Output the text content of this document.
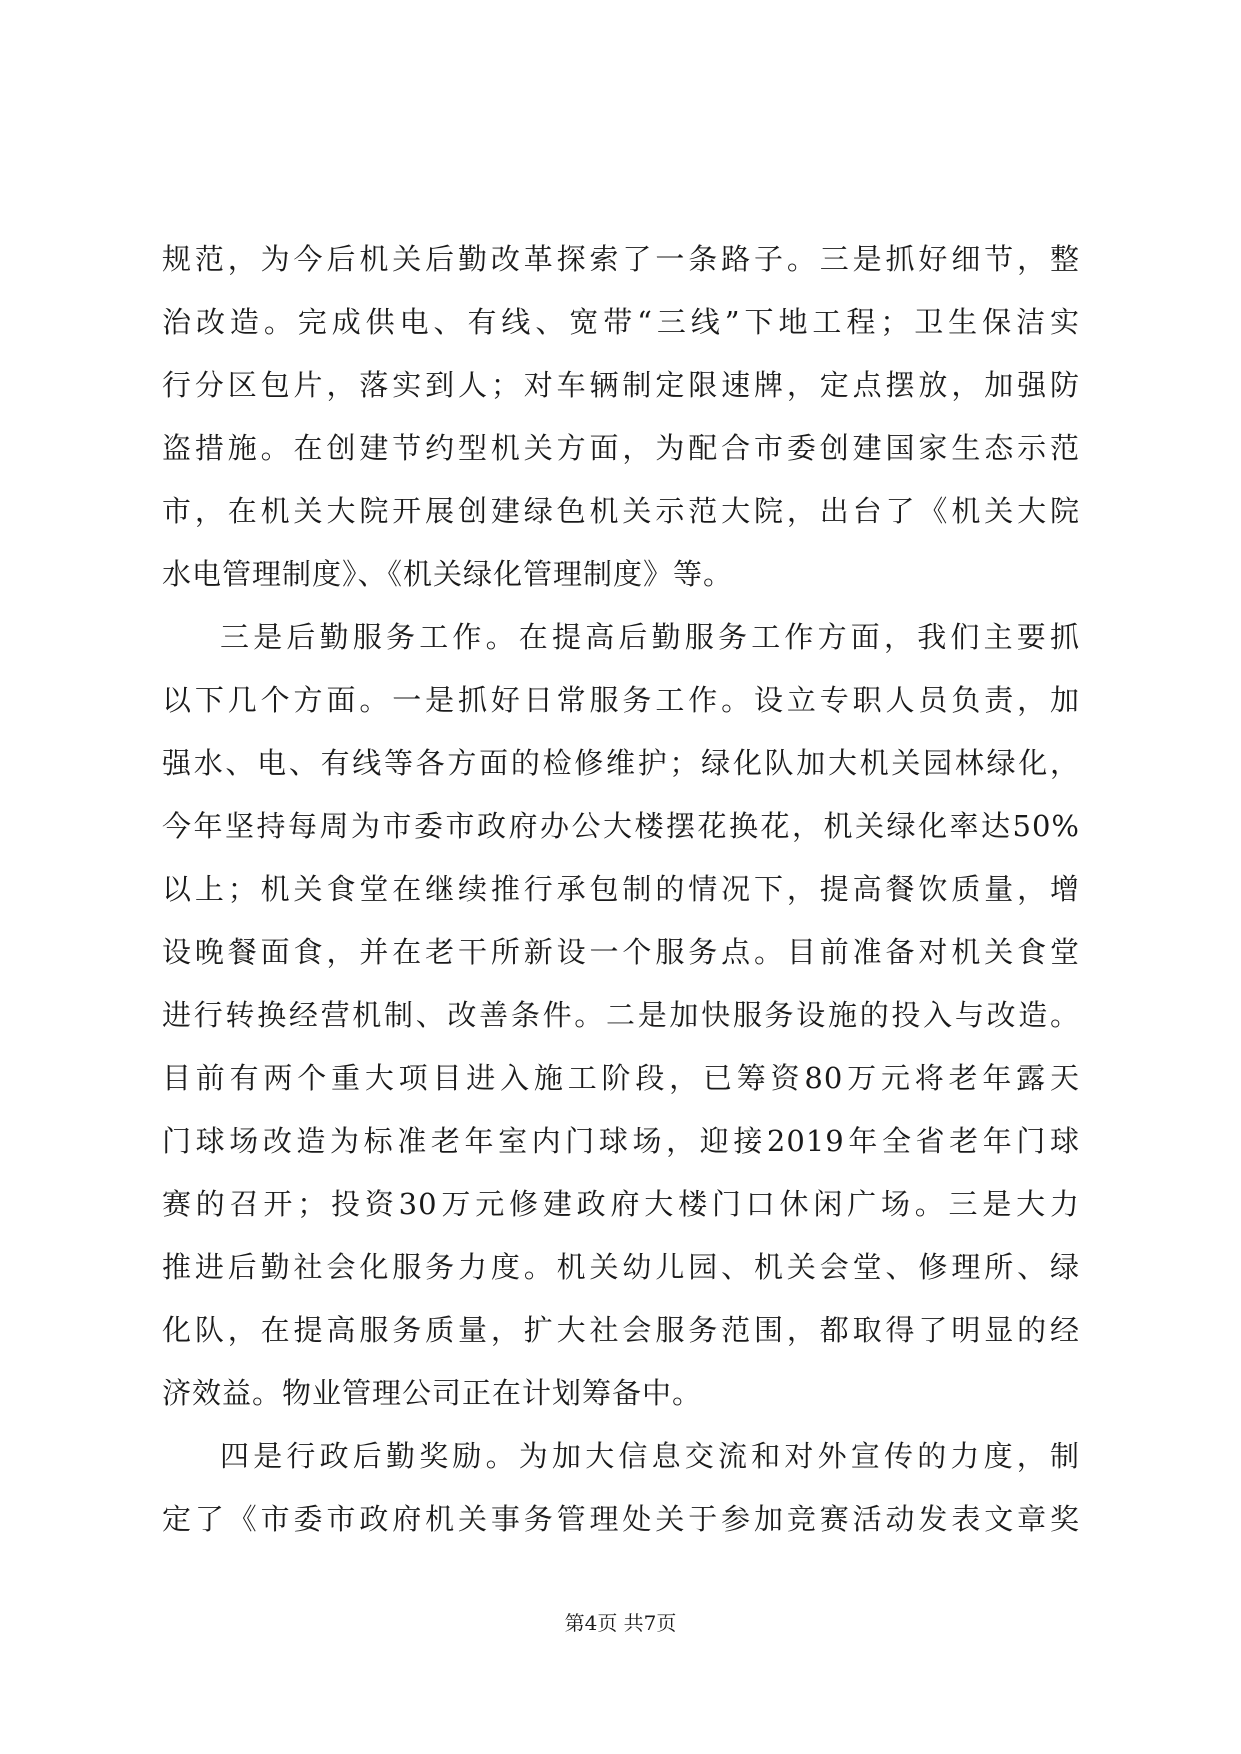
规范，为今后机关后勤改革探索了一条路子。三是抓好细节，整
治改造。完成供电、有线、宽带“三线”下地工程；卫生保洁实
行分区包片，落实到人；对车辆制定限速牌，定点摆放，加强防
盗措施。在创建节约型机关方面，为配合市委创建国家生态示范
市，在机关大院开展创建绿色机关示范大院，出台了《机关大院
水电管理制度》、《机关绿化管理制度》等。
三是后勤服务工作。在提高后勤服务工作方面，我们主要抓
以下几个方面。一是抓好日常服务工作。设立专职人员负责，加
强水、电、有线等各方面的检修维护；绿化队加大机关园林绿化，
今年坚持每周为市委市政府办公大楼摆花换花，机关绿化率达50%
以上；机关食堂在继续推行承包制的情况下，提高餐饮质量，增
设晚餐面食，并在老干所新设一个服务点。目前准备对机关食堂
进行转换经营机制、改善条件。二是加快服务设施的投入与改造。
目前有两个重大项目进入施工阶段，已筹资80万元将老年露天
门球场改造为标准老年室内门球场，迎接2019年全省老年门球
赛的召开；投资30万元修建政府大楼门口休闲广场。三是大力
推进后勤社会化服务力度。机关幼儿园、机关会堂、修理所、绿
化队，在提高服务质量，扩大社会服务范围，都取得了明显的经
济效益。物业管理公司正在计划筹备中。
四是行政后勤奖励。为加大信息交流和对外宣传的力度，制
定了《市委市政府机关事务管理处关于参加竞赛活动发表文章奖
第4页 共7页
